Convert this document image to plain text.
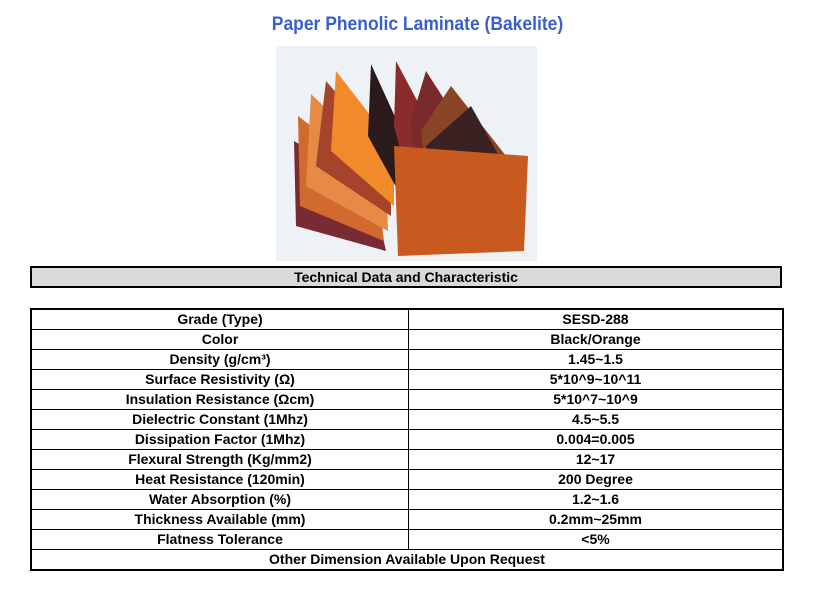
Paper Phenolic Laminate (Bakelite)
Technical Data and Characteristic
Grade (Type)	SESD-288
Color	Black/Orange
Density (g/cm³)	1.45~1.5
Surface Resistivity (Ω)	5*10^9~10^11
Insulation Resistance (Ωcm)	5*10^7~10^9
Dielectric Constant (1Mhz)	4.5~5.5
Dissipation Factor (1Mhz)	0.004=0.005
Flexural Strength (Kg/mm2)	12~17
Heat Resistance (120min)	200 Degree
Water Absorption (%)	1.2~1.6
Thickness Available (mm)	0.2mm~25mm
Flatness Tolerance	<5%
Other Dimension Available Upon Request	
